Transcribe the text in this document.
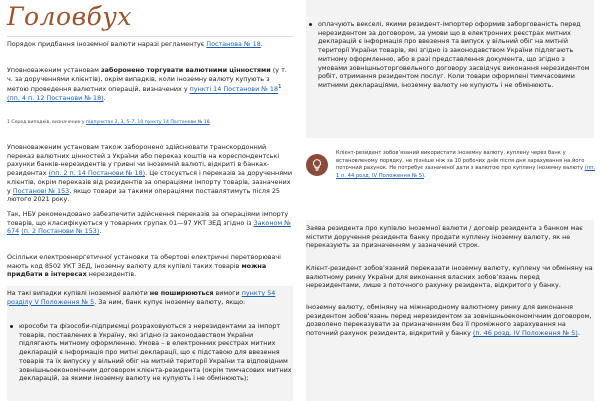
Головбух

Порядок придбання іноземної валюти наразі регламентує Постанова № 18.

Уповноваженим установам заборонено торгувати валютними цінностями (у т. ч. за дорученнями клієнтів), окрім випадків, коли іноземну валюту купують з метою проведення валютних операцій, визначених у пункті 14 Постанови № $18^1$ (пп. 4 п. 12 Постанови № 18).

1 Серед випадків, визначених у підпунктах 2, 3, 5–7, 10 пункту 14 Постанови № 18.

Уповноваженим установам також заборонено здійснювати транскордонний переказ валютних цінностей з України або переказ коштів на кореспондентські рахунки банків-нерезидентів у гривні чи іноземній валюті, відкриті в банках-резидентах (пп. 2 п. 14 Постанови № 18). Це стосується і переказів за дорученнями клієнтів, окрім переказів від резидентів за операціями імпорту товарів, зазначених у Постанові № 153, якщо товари за такими операціями поставлятимуть після 25 лютого 2021 року.

Так, НБУ рекомендовано забезпечити здійснення переказів за операціями імпорту товарів, що класифікуються у товарних групах 01—97 УКТ ЗЕД згідно із Законом № 674 (п. 2 Постанови № 153).

Осілльки електроенергетичної установки та обертові електричні перетворювачі мають код 8502 УКТ ЗЕД, іноземну валюту для купівлі таких товарів можна придбати в інтересах нерезидентів.

На такі випадки купівлі іноземної валюти не поширюються вимоги пункту 54 розділу V Положення № 5. За ним, банк купує іноземну валюту, якщо:

юрособи та фізособи-підприємці розраховуються з нерезидентами за імпорт товарів, поставлених в Україну, які згідно із законодавством України підлягають митному оформленню. Умова – в електронних реєстрах митних декларацій є інформація про митні декларації, що є підставою для ввезення товарів та їх випуску у вільний обіг на митній території України та відповідним зовнішньоекономічним договором клієнта-резидента (окрім тимчасових митних декларацій, за якими іноземну валюту не купують і не обмінюють);

оплачують векселі, якими резидент-імпортер оформив заборгованість перед нерезидентом за договором, за умови що в електронних реєстрах митних декларацій є інформація про ввезення та випуск у вільний обіг на митній території України товарів, які згідно із законодавством України підлягають митному оформленню, або в разі представлення документа, що згідно з умовами зовнішньоторговельного договору засвідчує виконання нерезидентом робіт, отримання резидентом послуг. Коли товари оформлені тимчасовими митними деклараціями, іноземну валюту не купують і не обмінюють.

Клієнт-резидент зобов’язаний використати іноземну валюту, куплену через банк у встановленому порядку, не пізніше ніж за 10 робочих днів після дня зарахування на його поточний рахунок. Не потребує зазначеної дати з валютою про куплену іноземну валюту (пп. 1 п. 44 розд. IV Положення № 5).

Заява резидента про купівлю іноземної валюти / договір резидента з банком має містити доручення резидента банку продати куплену іноземну валюту, як не переказують за призначенням у зазначений строк.

Клієнт-резидент зобов’язаний переказати іноземну валюту, куплену чи обміняну на валютному ринку України для виконання власних зобов’язань перед нерезидентами, лише з поточного рахунку резидента, відкритого у банку.

Іноземну валюту, обміняну на міжнародному валютному ринку для виконання резидентом зобов’язань перед нерезидентом за зовнішньоекономічним договором, дозволено переказувати за призначенням без її проміжного зарахування на поточний рахунок резидента, відкритий у банку (п. 46 розд. IV Положення № 5).
